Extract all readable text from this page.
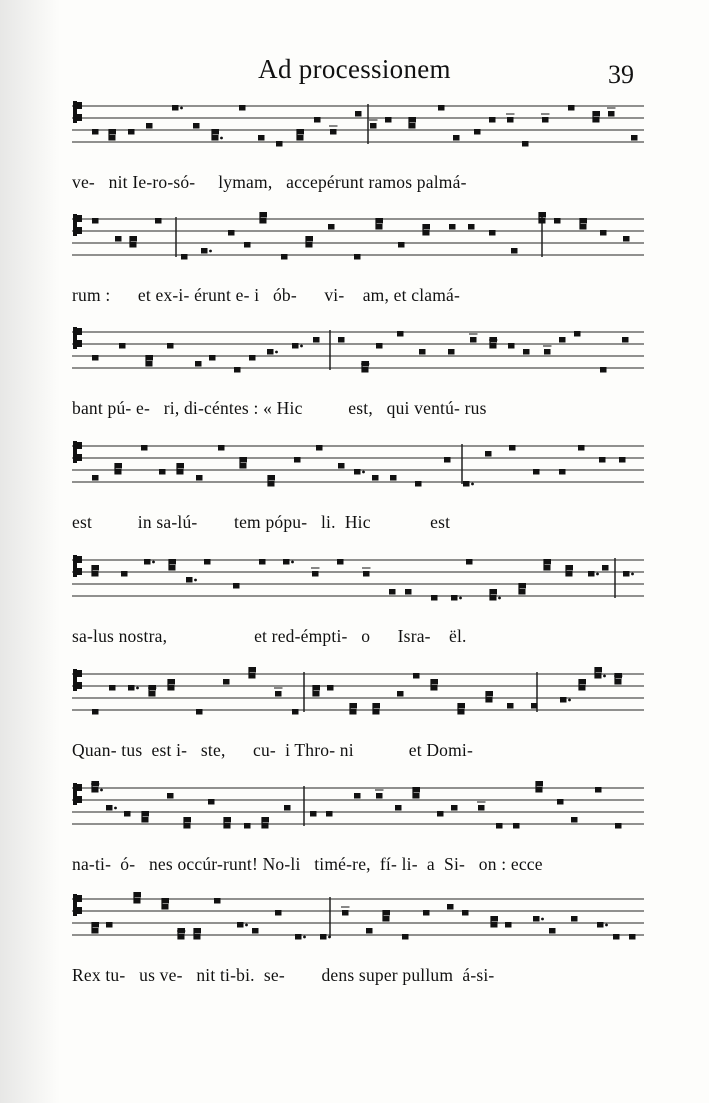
Ad processionem	39
ve-   nit Ie-ro-só-     lymam,   accepérunt ramos palmá-
rum :      et ex-i- érunt e- i   ób-      vi-    am, et clamá-
bant pú- e-   ri, di-céntes : « Hic          est,   qui ventú- rus
est          in sa-lú-        tem pópu-   li.  Hic             est
sa-lus nostra,                   et red-émpti-   o      Isra-    ël.
Quan- tus  est i-   ste,      cu-  i Thro- ni            et Domi-
na-ti-  ó-   nes occúr-runt! No-li   timé-re,  fí- li-  a  Si-   on : ecce
Rex tu-   us ve-   nit ti-bi.  se-        dens super pullum  á-si-
